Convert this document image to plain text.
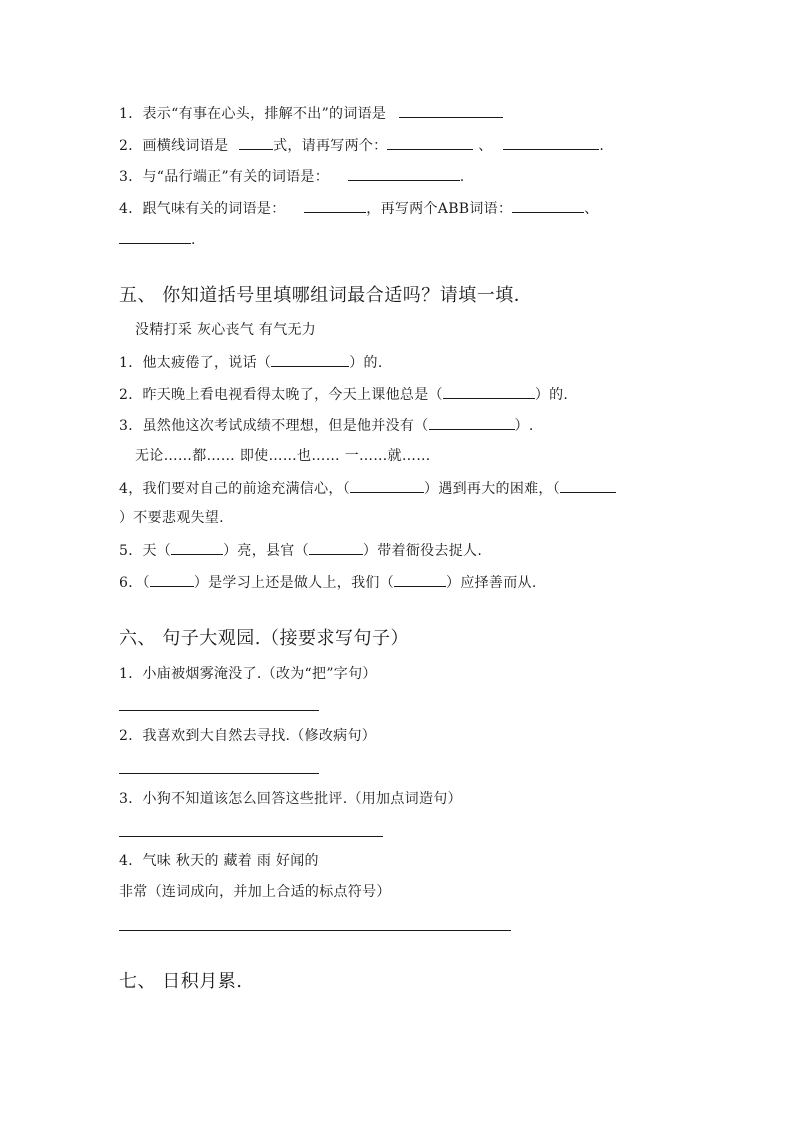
1．表示“有事在心头，排解不出”的词语是
2．画横线词语是	式，请再写两个：	、	.
3．与“品行端正”有关的词语是：	.
4．跟气味有关的词语是：	，再写两个ABB词语：	、
.
五、 你知道括号里填哪组词最合适吗？请填一填．
没精打采 灰心丧气 有气无力
1．他太疲倦了，说话（	）的.
2．昨天晚上看电视看得太晚了，今天上课他总是（	）的.
3．虽然他这次考试成绩不理想，但是他并没有（	）.
无论……都…… 即使……也…… 一……就……
4，我们要对自己的前途充满信心，（	）遇到再大的困难，（
）不要悲观失望.
5．天（	）亮，县官（	）带着衙役去捉人.
6．（	）是学习上还是做人上，我们（	）应择善而从.
六、 句子大观园.（接要求写句子）
1．小庙被烟雾淹没了.（改为“把”字句）
2．我喜欢到大自然去寻找.（修改病句）
3．小狗不知道该怎么回答这些批评.（用加点词造句）
4．气味 秋天的 藏着 雨 好闻的
非常（连词成向，并加上合适的标点符号）
七、 日积月累.
